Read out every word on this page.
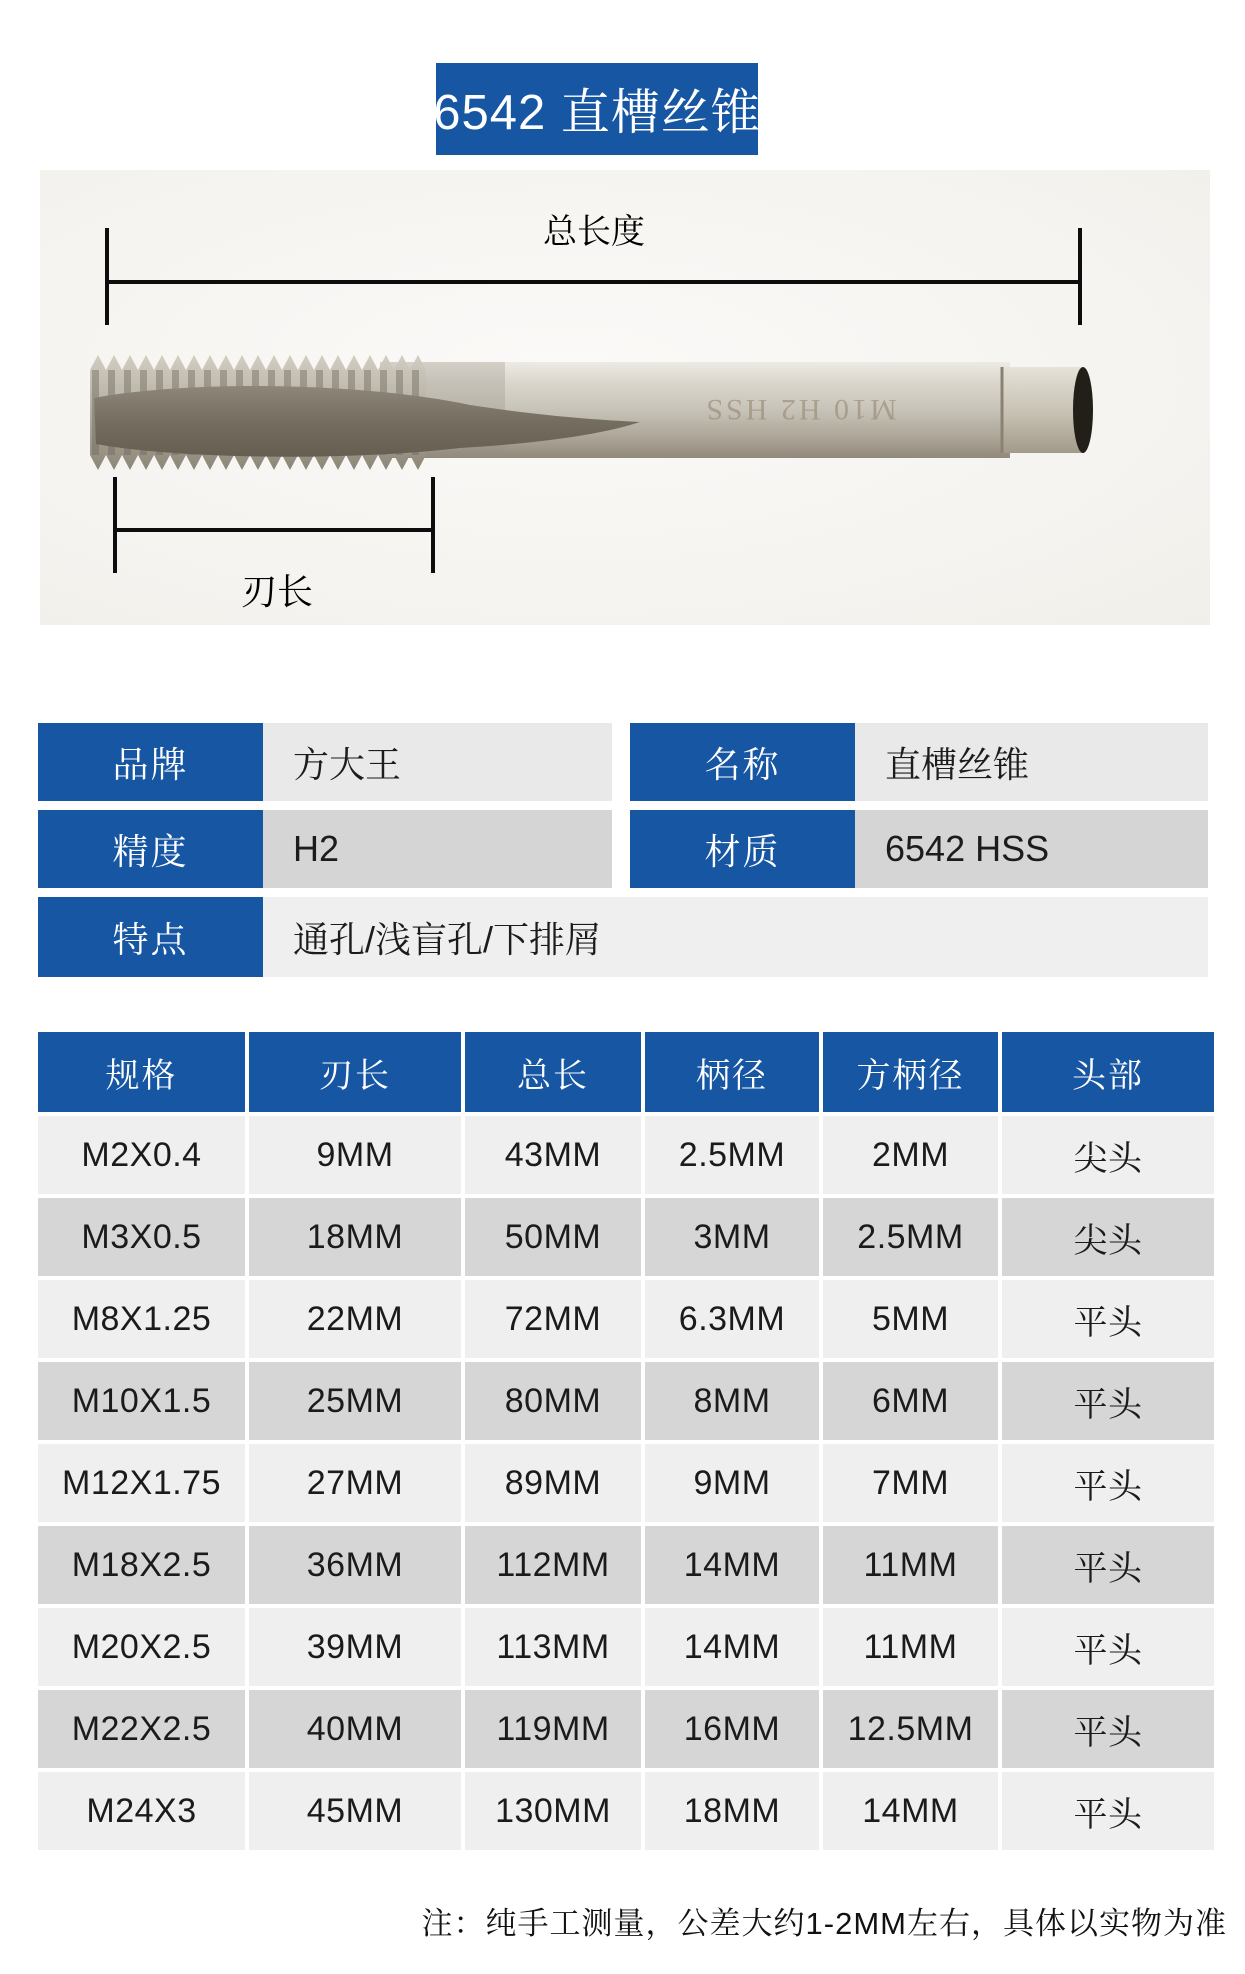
6542 直槽丝锥
M10 H2 HSS
总长度
刃长
品牌	方大王	名称	直槽丝锥
精度	H2	材质	6542 HSS
特点	通孔/浅盲孔/下排屑
规格	刃长	总长	柄径	方柄径	头部
M2X0.4	9MM	43MM	2.5MM	2MM	尖头
M3X0.5	18MM	50MM	3MM	2.5MM	尖头
M8X1.25	22MM	72MM	6.3MM	5MM	平头
M10X1.5	25MM	80MM	8MM	6MM	平头
M12X1.75	27MM	89MM	9MM	7MM	平头
M18X2.5	36MM	112MM	14MM	11MM	平头
M20X2.5	39MM	113MM	14MM	11MM	平头
M22X2.5	40MM	119MM	16MM	12.5MM	平头
M24X3	45MM	130MM	18MM	14MM	平头
注：纯手工测量，公差大约1-2MM左右，具体以实物为准
